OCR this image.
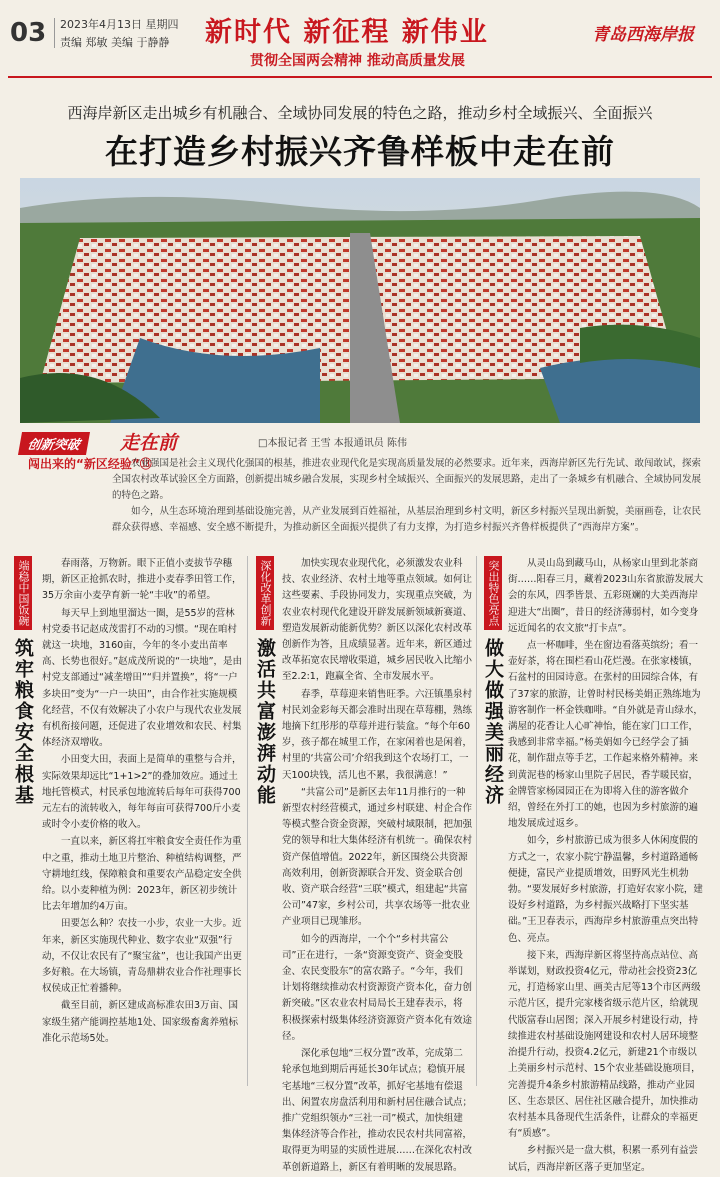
03	2023年4月13日 星期四
责编 郑敏 美编 于静静 新时代 新征程 新伟业
贯彻全国两会精神 推动高质量发展
青岛西海岸报
西海岸新区走出城乡有机融合、全域协同发展的特色之路，推动乡村全域振兴、全面振兴
在打造乡村振兴齐鲁样板中走在前
创新突破	走在前
闯出来的“新区经验”⑬
□本报记者 王雪 本报通讯员 陈伟

农业强国是社会主义现代化强国的根基，推进农业现代化是实现高质量发展的必然要求。近年来，西海岸新区先行先试、敢闯敢试，探索全国农村改革试验区全方面路，创新提出城乡融合发展，实现乡村全域振兴、全面振兴的发展思路，走出了一条城乡有机融合、全域协同发展的特色之路。

如今，从生态环境治理到基础设施完善，从产业发展到百姓福祉，从基层治理到乡村文明，新区乡村振兴呈现出新貌，美丽画卷，让农民群众获得感、幸福感、安全感不断提升，为推动新区全面振兴提供了有力支撑，为打造乡村振兴齐鲁样板提供了“西海岸方案”。

端稳中国饭碗
筑牢粮食安全根基

春雨落，万物新。眼下正值小麦拔节孕穗期，新区正抢抓农时，推进小麦春季田管工作，35万余亩小麦孕育新一轮“丰收”的希望。

每天早上到地里溜达一圈，是55岁的营林村党委书记赵成茂雷打不动的习惯。“现在咱村就这一块地，3160亩，今年的冬小麦出苗率高、长势也很好。”赵成茂所说的“一块地”，是由村党支部通过“减垄增田”“归并置换”，将“一户多块田”变为“一户一块田”，由合作社实施规模化经营，不仅有效解决了小农户与现代农业发展有机衔接问题，还促进了农业增效和农民、村集体经济双增收。

小田变大田，表面上是简单的重整与合并，实际效果却远比“1+1>2”的叠加效应。通过土地托管模式，村民承包地流转后每年可获得700元左右的流转收入，每年每亩可获得700斤小麦或时令小麦价格的收入。

一直以来，新区将扛牢粮食安全责任作为重中之重，推动土地卫片整治、种植结构调整，严守耕地红线，保障粮食和重要农产品稳定安全供给。以小麦种植为例：2023年，新区初步统计比去年增加约4万亩。

田要怎么种？农技一小步，农业一大步。近年来，新区实施现代种业、数字农业“双强”行动，不仅让农民有了“聚宝盆”，也让我国产出更多好粮。在大场镇，青岛鼎耕农业合作社理事长权侯成正忙着播种。

截至目前，新区建成高标准农田3万亩、国家级生猪产能调控基地1处、国家级畜禽养殖标准化示范场5处。

深化改革创新
激活共富澎湃动能

加快实现农业现代化，必须激发农业科技、农业经济、农村土地等重点领域。如何让这些要素、手段协同发力，实现重点突破，为农业农村现代化建设开辟发展新领域新赛道、塑造发展新动能新优势？新区以深化农村改革创新作为答，且成绩显著。近年来，新区通过改革拓宽农民增收渠道，城乡居民收入比缩小至2.2:1，跑赢全省、全市发展水平。

春季，草莓迎来销售旺季。六汪镇墨泉村村民刘金彩每天都会准时出现在草莓棚，熟练地摘下红彤彤的草莓并进行装盒。“每个年60岁，孩子都在城里工作，在家闲着也是闲着，村里的‘共富公司’介绍我到这个农场打工，一天100块钱，活儿也不累，我很满意！”

“共富公司”是新区去年11月推行的一种新型农村经营模式，通过乡村联建、村企合作等模式整合资金资源，突破村域限制，把加强党的领导和壮大集体经济有机统一。确保农村资产保值增值。2022年，新区围绕公共资源高效利用，创新资源联合开发、资金联合创收、资产联合经营“三联”模式，组建起“共富公司”47家，乡村公司，共享农场等一批农业产业项目已现雏形。

如今的西海岸，一个个“乡村共富公司”正在进行，一条“资源变资产、资金变股金、农民变股东”的富农路子。“今年，我们计划将继续推动农村资源资产资本化，奋力创新突破。”区农业农村局局长王建春表示，将积极探索村级集体经济资源资产资本化有效途径。

深化承包地“三权分置”改革，完成第二轮承包地到期后再延长30年试点；稳慎开展宅基地“三权分置”改革，抓好宅基地有偿退出、闲置农房盘活利用和新村居住融合试点；推广党组织领办“三社一司”模式，加快组建集体经济等合作社，推动农民农村共同富裕，取得更为明显的实质性进展……在深化农村改革创新道路上，新区有着明晰的发展思路。

突出特色亮点
做大做强美丽经济

从灵山岛到藏马山，从杨家山里到北茶商街……阳春三月，藏着2023山东省旅游发展大会的东风，四季皆景、五彩斑斓的大美西海岸迎进大“出圈”，昔日的经济薄弱村，如今变身远近闻名的农文旅“打卡点”。

点一杯咖啡，坐在窗边看落英缤纷；看一壶好茶，将在围栏看山花烂漫。在张家楼镇，石盆村的田园诗意。在张村的田园综合体，有了37家的旅游，让曾时村民杨美娟正熟练地为游客制作一杯金铁咖啡。“自外就是青山绿水，满屋的花香让人心旷神怡，能在家门口工作，我感到非常幸福。”杨美娟如今已经学会了插花，制作甜点等手艺，工作起来格外精神。来到黄泥巷的杨家山里院子居民，香芋暖民宿，金牌管家杨园园正在为即将入住的游客做介绍，曾经在外打工的她，也因为乡村旅游的遍地发展成过返乡。

如今，乡村旅游已成为很多人休闲度假的方式之一，农家小院宁静温馨，乡村道路通畅便捷，富民产业提质增效，田野风光生机勃勃。“要发展好乡村旅游，打造好农家小院，建设好乡村道路，为乡村振兴战略打下坚实基础。”王卫春表示，西海岸乡村旅游重点突出特色、亮点。

接下来，西海岸新区将坚持高点站位、高举谋划，财政投资4亿元，带动社会投资23亿元，打造杨家山里、画美古尼等13个市区两级示范片区，提升完家楼省级示范片区，给就现代版富春山居图；深入开展乡村建设行动，持续推进农村基础设施网建设和农村人居环境整治提升行动，投资4.2亿元，新建21个市级以上美丽乡村示范村、15个农业基础设施项目，完善提升4条乡村旅游精品线路，推动产业园区、生态景区、居住社区融合提升，加快推动农村基本具备现代生活条件，让群众的幸福更有“质感”。

乡村振兴是一盘大棋，积累一系列有益尝试后，西海岸新区落子更加坚定。
